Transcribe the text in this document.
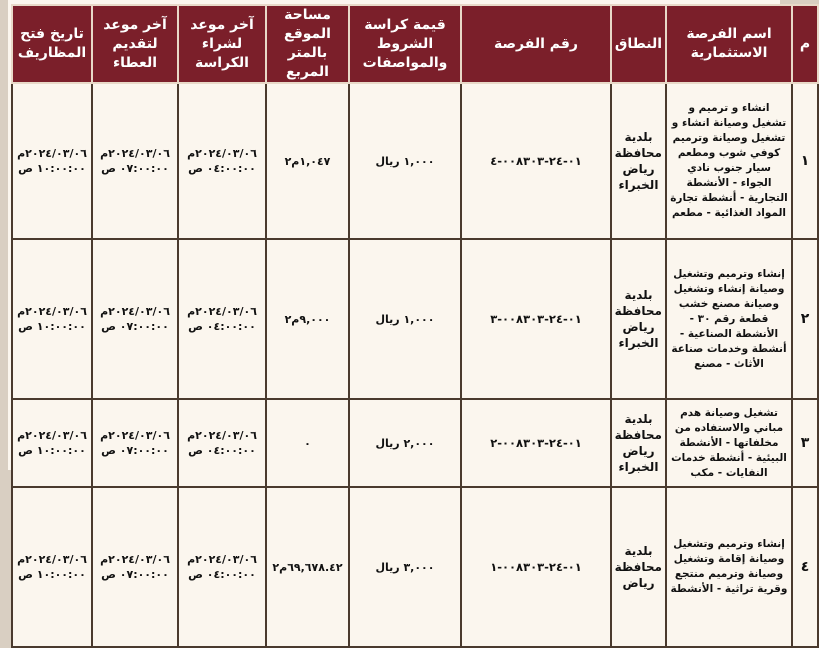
م	اسم الفرصة الاستثمارية	النطاق	رقم الفرصة	قيمة كراسة الشروط والمواصفات	مساحة الموقع بالمتر المربع	آخر موعد لشراء الكراسة	آخر موعد لتقديم العطاء	تاريخ فتح المظاريف
١	انشاء و ترميم و تشغيل وصيانة انشاء و تشغيل وصيانة وترميم كوفي شوب ومطعم سيار جنوب نادي الجواء - الأنشطة التجارية - أنشطة تجارة المواد الغذائية - مطعم	بلدية محافظة رياض الخبراء	٠١-٢٤-٠٠٨٣٠٣-٤	١,٠٠٠ ريال	١,٠٤٧م٢	٢٠٢٤/٠٣/٠٦م ٠٤:٠٠:٠٠ ص	٢٠٢٤/٠٣/٠٦م ٠٧:٠٠:٠٠ ص	٢٠٢٤/٠٣/٠٦م ١٠:٠٠:٠٠ ص
٢	إنشاء وترميم وتشغيل وصيانة إنشاء وتشغيل وصيانة مصنع خشب قطعة رقم ٣٠ - الأنشطة الصناعية - أنشطة وخدمات صناعة الأثاث - مصنع	بلدية محافظة رياض الخبراء	٠١-٢٤-٠٠٨٣٠٣-٣	١,٠٠٠ ريال	٩,٠٠٠م٢	٢٠٢٤/٠٣/٠٦م ٠٤:٠٠:٠٠ ص	٢٠٢٤/٠٣/٠٦م ٠٧:٠٠:٠٠ ص	٢٠٢٤/٠٣/٠٦م ١٠:٠٠:٠٠ ص
٣	تشغيل وصيانة هدم مباني والاستفاده من مخلفاتها - الأنشطة البيئية - أنشطة خدمات النفايات - مكب	بلدية محافظة رياض الخبراء	٠١-٢٤-٠٠٨٣٠٣-٢	٢,٠٠٠ ريال	٠	٢٠٢٤/٠٣/٠٦م ٠٤:٠٠:٠٠ ص	٢٠٢٤/٠٣/٠٦م ٠٧:٠٠:٠٠ ص	٢٠٢٤/٠٣/٠٦م ١٠:٠٠:٠٠ ص
٤	إنشاء وترميم وتشغيل وصيانة إقامة وتشغيل وصيانة وترميم منتجع وقرية تراثية - الأنشطة	بلدية محافظة رياض	٠١-٢٤-٠٠٨٣٠٣-١	٣,٠٠٠ ريال	٦٩,٦٧٨.٤٢م٢	٢٠٢٤/٠٣/٠٦م ٠٤:٠٠:٠٠ ص	٢٠٢٤/٠٣/٠٦م ٠٧:٠٠:٠٠ ص	٢٠٢٤/٠٣/٠٦م ١٠:٠٠:٠٠ ص
